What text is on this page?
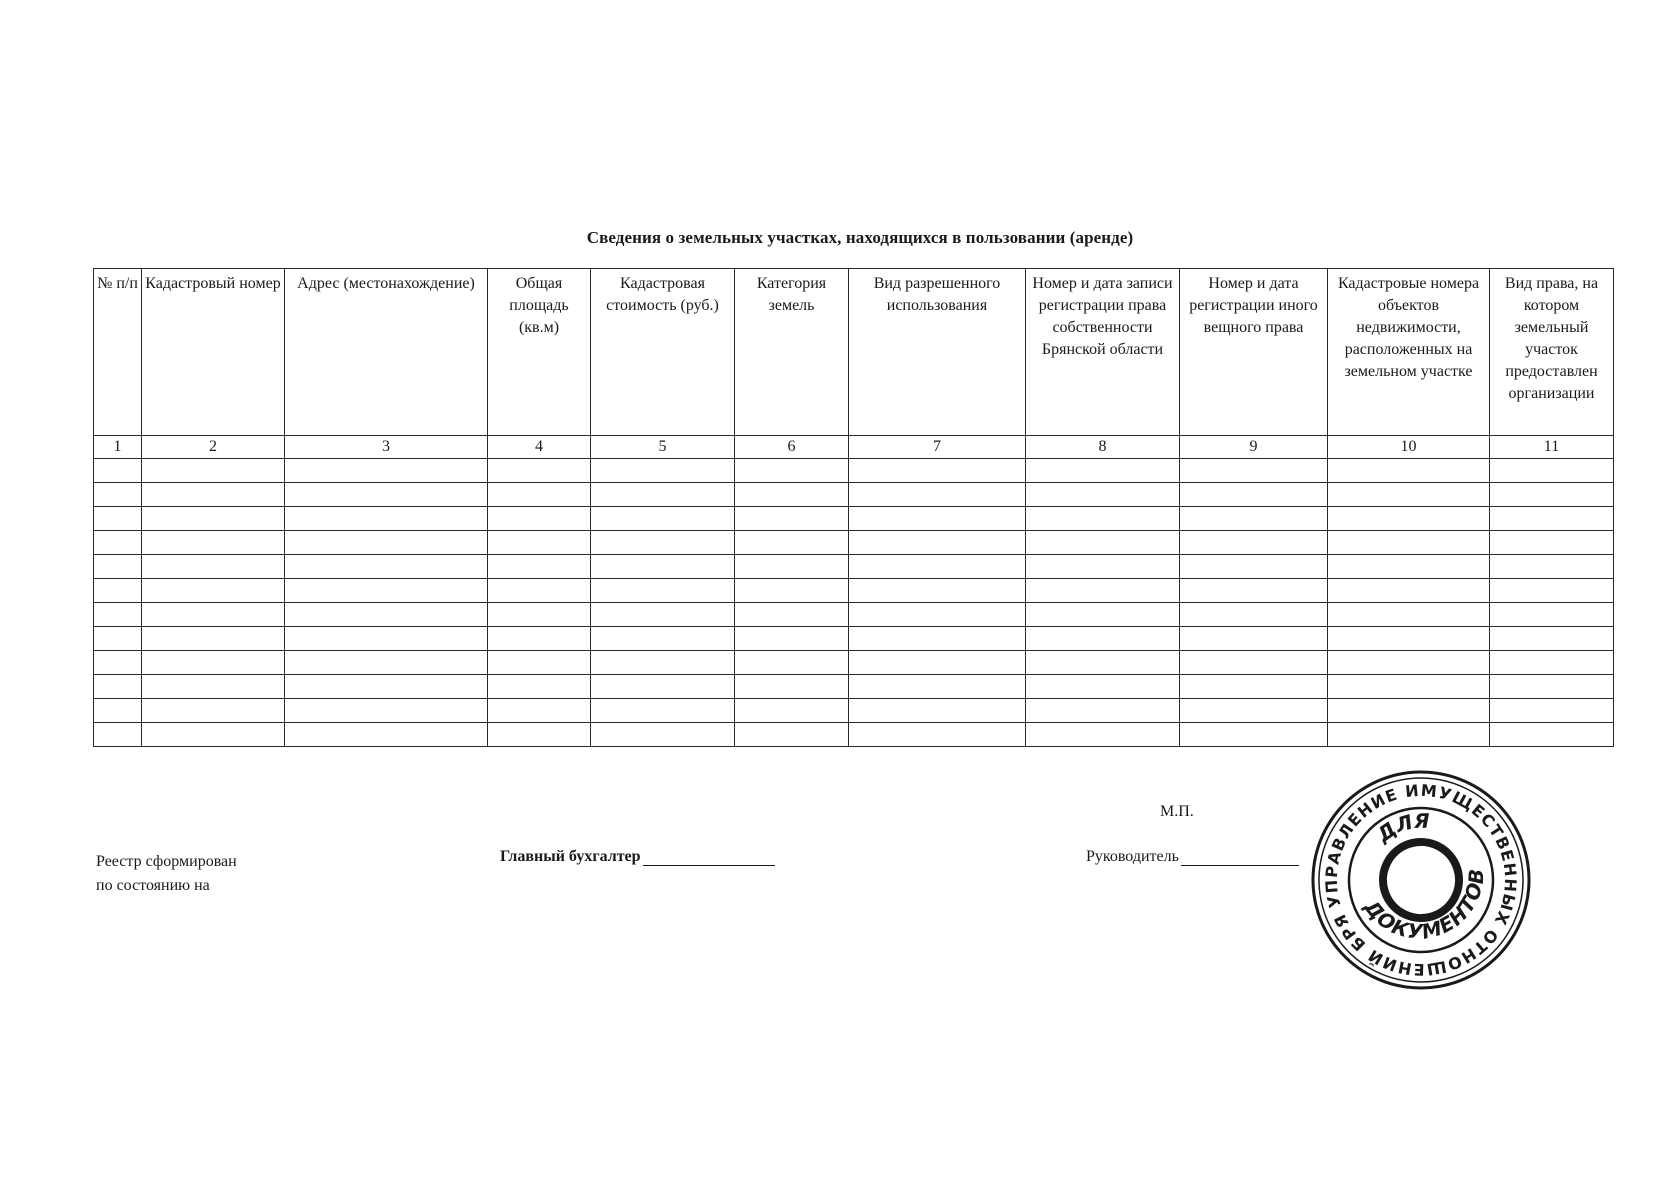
Сведения о земельных участках, находящихся в пользовании (аренде)
№ п/п	Кадастровый номер	Адрес (местонахождение)	Общая площадь (кв.м)	Кадастровая стоимость (руб.)	Категория земель	Вид разрешенного использования	Номер и дата записи регистрации права собственности Брянской области	Номер и дата регистрации иного вещного права	Кадастровые номера объектов недвижимости, расположенных на земельном участке	Вид права, на котором земельный участок предоставлен организации
1	2	3	4	5	6	7	8	9	10	11

Реестр сформирован
по состоянию на
Главный бухгалтер
М.П.
Руководитель
УПРАВЛЕНИЕ ИМУЩЕСТВЕННЫХ ОТНОШЕНИЙ БРЯНСКОЙ
ДЛЯ
ДОКУМЕНТОВ
